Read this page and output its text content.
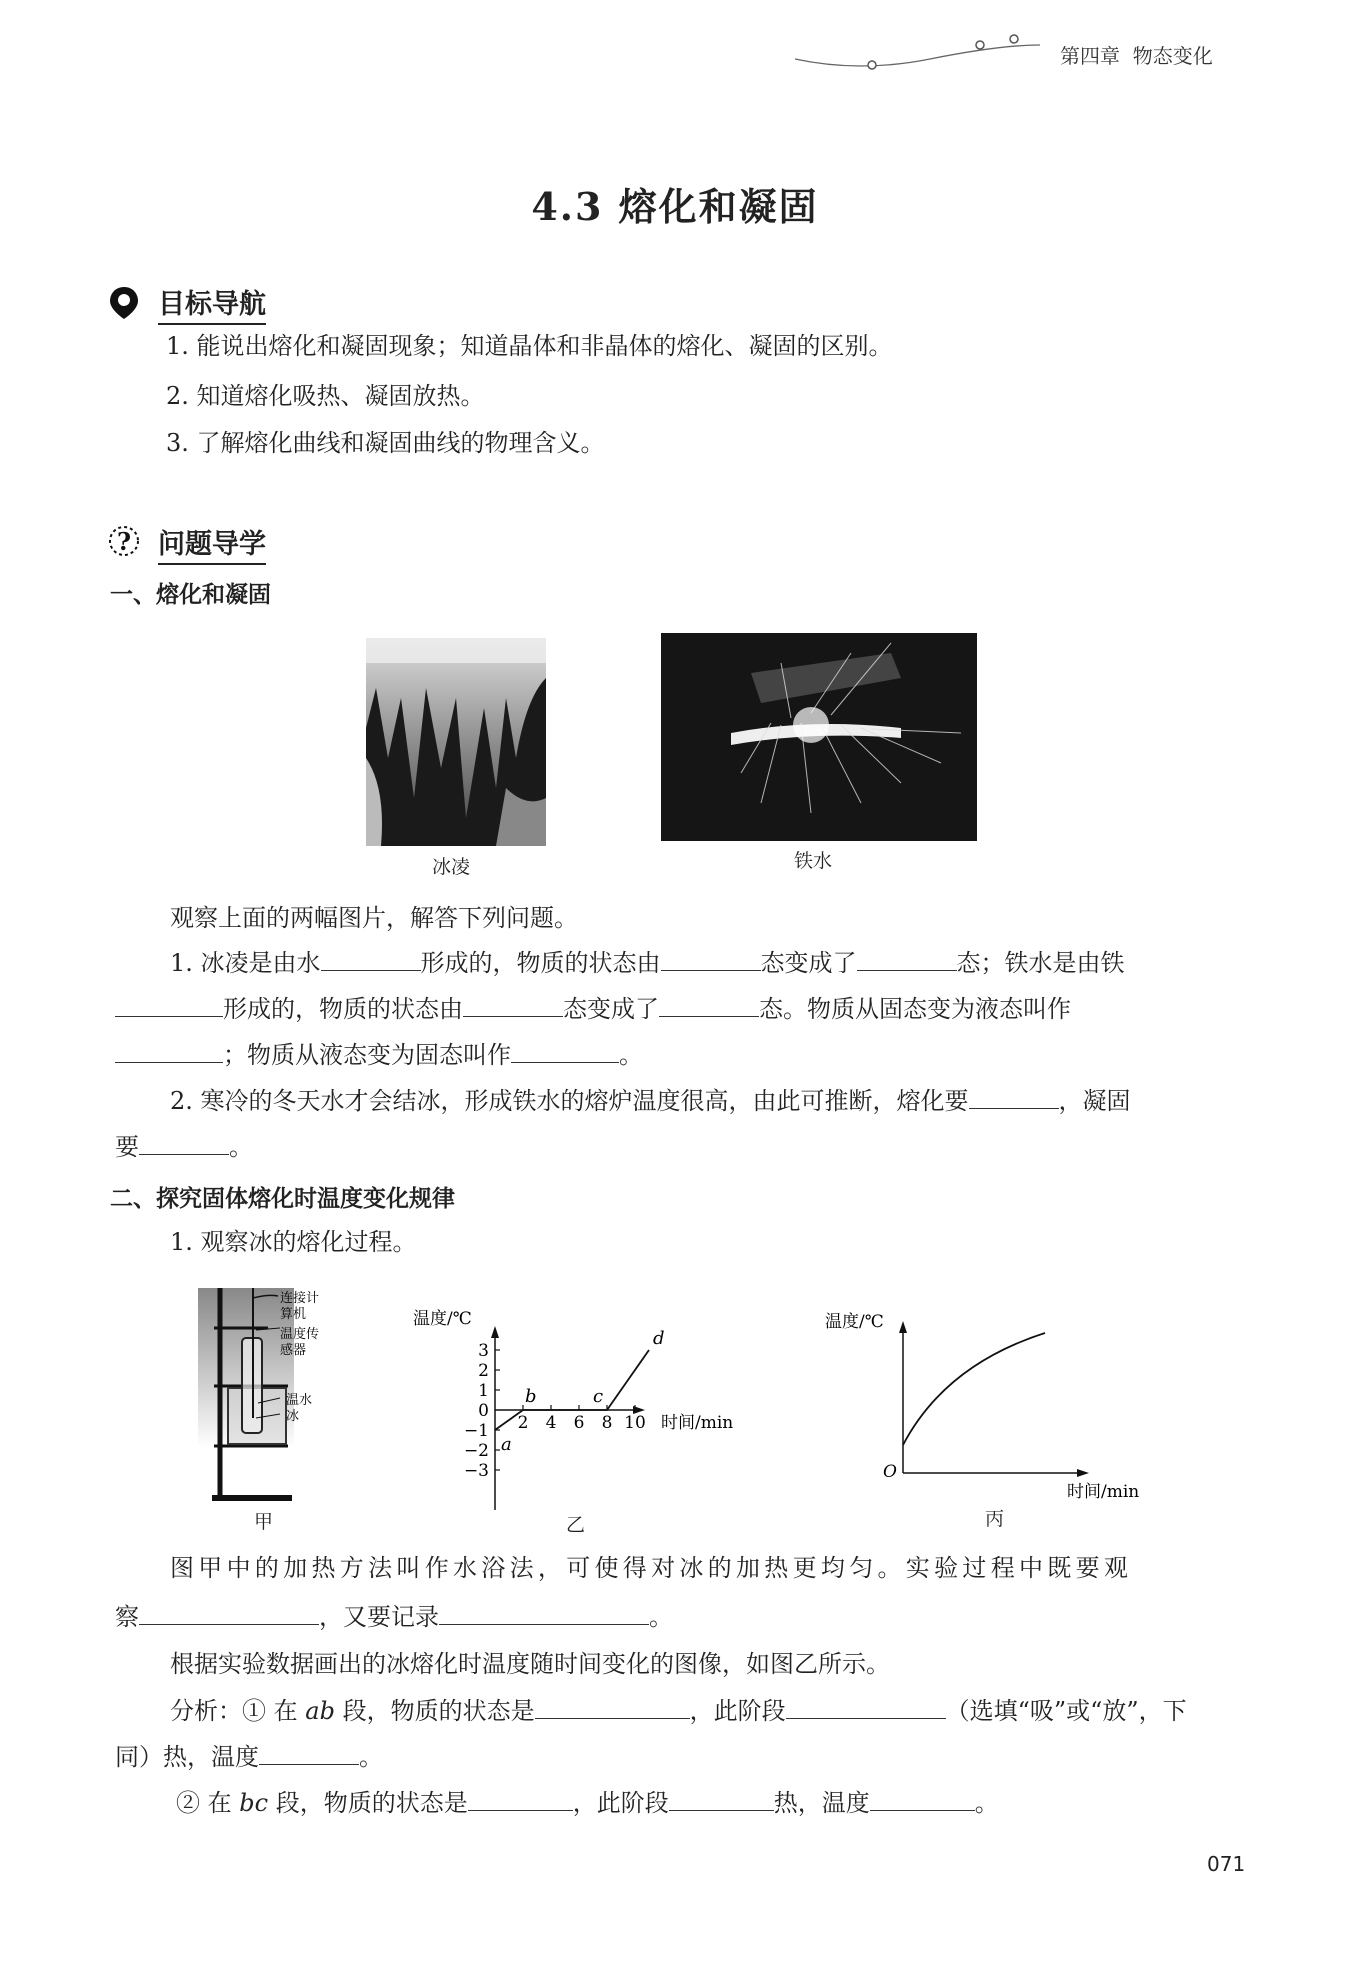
第四章 物态变化
4.3 熔化和凝固
目标导航
1. 能说出熔化和凝固现象；知道晶体和非晶体的熔化、凝固的区别。
2. 知道熔化吸热、凝固放热。
3. 了解熔化曲线和凝固曲线的物理含义。
? 问题导学
一、熔化和凝固
冰凌	铁水
观察上面的两幅图片，解答下列问题。
1. 冰凌是由水	形成的，物质的状态由	态变成了	态；铁水是由铁
形成的，物质的状态由	态变成了	态。物质从固态变为液态叫作
；物质从液态变为固态叫作	。
2. 寒冷的冬天水才会结冰，形成铁水的熔炉温度很高，由此可推断，熔化要	，凝固
要	。
二、探究固体熔化时温度变化规律
1. 观察冰的熔化过程。
连接计
算机
温度传
感器
温水
冰
甲
温度/℃
时间/min
3
2
1
0
−1
−2
−3
2 4 6 8 10
a
b	c
d
乙
温度/℃
时间/min
O
丙
图甲中的加热方法叫作水浴法，可使得对冰的加热更均匀。实验过程中既要观
察	，又要记录	。
根据实验数据画出的冰熔化时温度随时间变化的图像，如图乙所示。
分析：① 在 ab 段，物质的状态是	，此阶段	（选填“吸”或“放”，下
同）热，温度	。
② 在 bc 段，物质的状态是	，此阶段	热，温度	。
071
